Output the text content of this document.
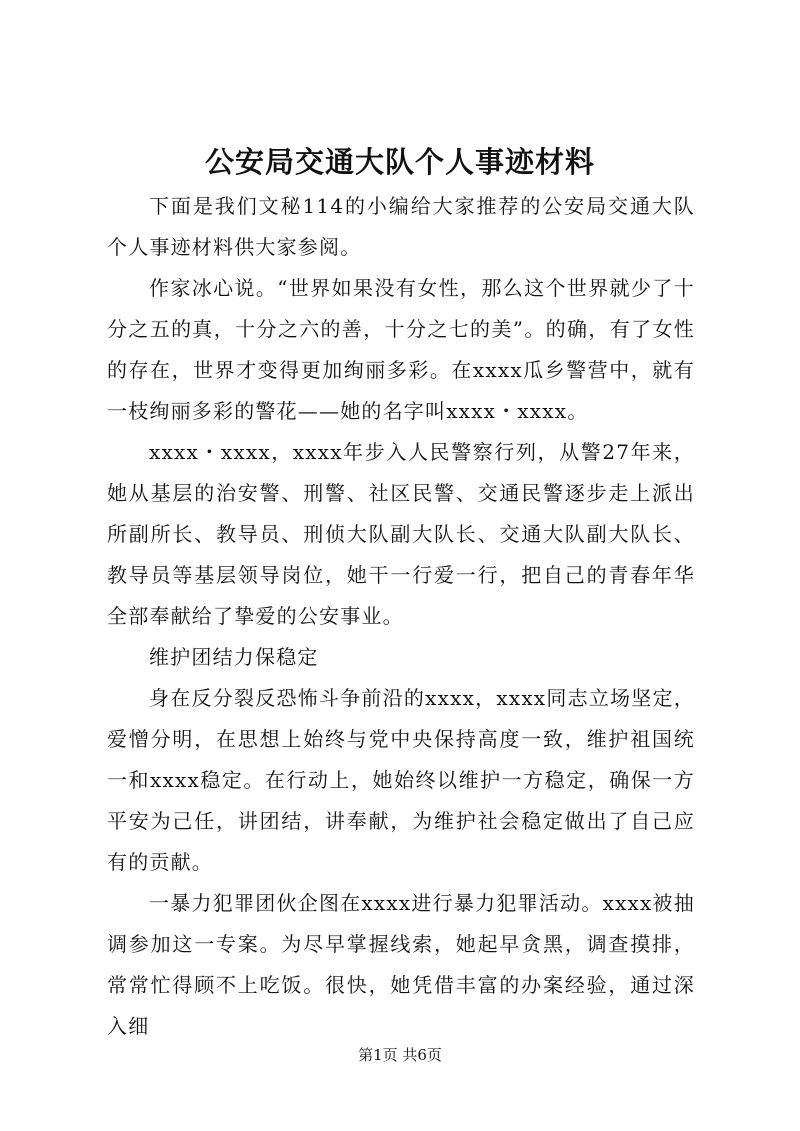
公安局交通大队个人事迹材料

下面是我们文秘114的小编给大家推荐的公安局交通大队个人事迹材料供大家参阅。

作家冰心说。“世界如果没有女性，那么这个世界就少了十分之五的真，十分之六的善，十分之七的美”。的确，有了女性的存在，世界才变得更加绚丽多彩。在xxxx瓜乡警营中，就有一枝绚丽多彩的警花——她的名字叫xxxx・xxxx。

xxxx・xxxx，xxxx年步入人民警察行列，从警27年来，她从基层的治安警、刑警、社区民警、交通民警逐步走上派出所副所长、教导员、刑侦大队副大队长、交通大队副大队长、教导员等基层领导岗位，她干一行爱一行，把自己的青春年华全部奉献给了挚爱的公安事业。

维护团结力保稳定

身在反分裂反恐怖斗争前沿的xxxx，xxxx同志立场坚定，爱憎分明，在思想上始终与党中央保持高度一致，维护祖国统一和xxxx稳定。在行动上，她始终以维护一方稳定，确保一方平安为己任，讲团结，讲奉献，为维护社会稳定做出了自己应有的贡献。

一暴力犯罪团伙企图在xxxx进行暴力犯罪活动。xxxx被抽调参加这一专案。为尽早掌握线索，她起早贪黑，调查摸排，常常忙得顾不上吃饭。很快，她凭借丰富的办案经验，通过深入细

第1页 共6页
